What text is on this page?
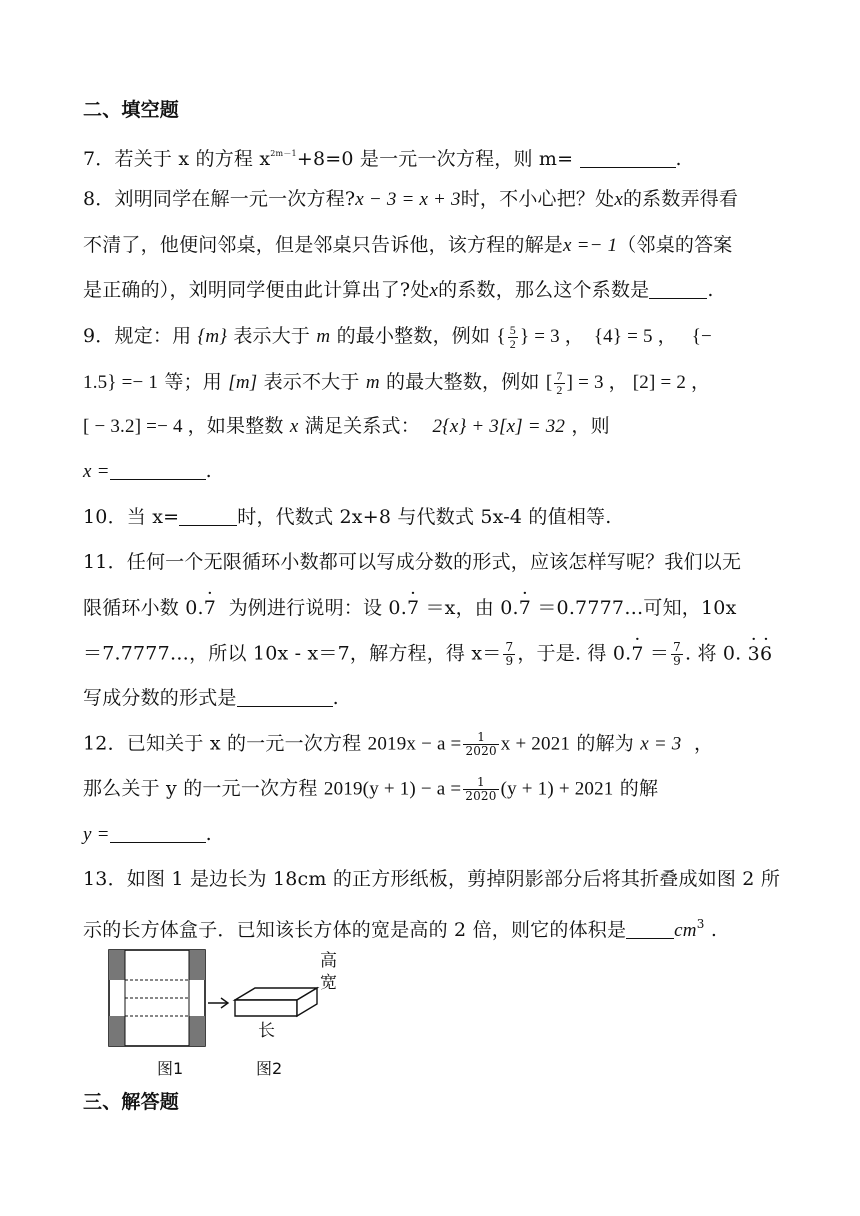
二、填空题
7．若关于 x 的方程 $x^{2m-1}+8=0$ 是一元一次方程，则 m=	.
8．刘明同学在解一元一次方程?x − 3 = x + 3时，不小心把？处x的系数弄得看
不清了，他便问邻桌，但是邻桌只告诉他，该方程的解是x =− 1（邻桌的答案
是正确的），刘明同学便由此计算出了?处x的系数，那么这个系数是	.
9．规定：用 {m} 表示大于 m 的最小整数，例如 { $\frac{5}{2}$ } = 3 ，  {4} = 5 ，   {−
1.5} =− 1 等；用 [m] 表示不大于 m 的最大整数，例如 [ $\frac{7}{2}$ ] = 3 ， [2] = 2 ，
[ − 3.2] =− 4 ，如果整数 x 满足关系式： 2{x} + 3[x] = 32 ，则
x =	.
10．当 x=	时，代数式 2x+8 与代数式 5x-4 的值相等.
11．任何一个无限循环小数都可以写成分数的形式，应该怎样写呢？我们以无
限循环小数 0.· 7 为例进行说明：设 0.· 7 ＝x，由 0.· 7 ＝0.7777…可知，10x
＝7.7777…，所以 10x - x＝7，解方程，得 $x= \frac{7}{9}$ ，于是. 得 $0.\cdot 7 = \frac{7}{9}$ . 将 0. · 3· 6
写成分数的形式是	.
12．已知关于 x 的一元一次方程 $2019x - a = \frac{1}{2020}$ x + 2021 的解为 x = 3 ，
那么关于 y 的一元一次方程 $2019(y + 1) - a = \frac{1}{2020} (y + 1) + 2021$ 的解
y =	.
13．如图 1 是边长为 18cm 的正方形纸板，剪掉阴影部分后将其折叠成如图 2 所
示的长方体盒子．已知该长方体的宽是高的 2 倍，则它的体积是	$cm^3$ .
高
宽
长
图1	图2
三、解答题
